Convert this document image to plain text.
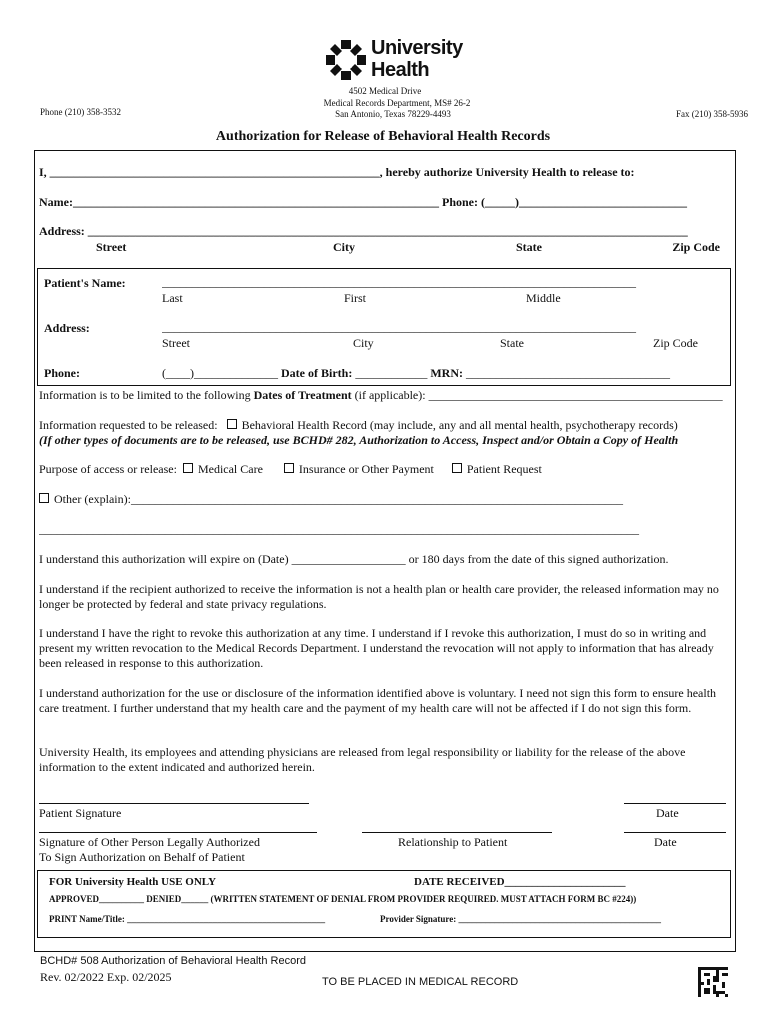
University
Health
4502 Medical Drive
Medical Records Department, MS# 26-2
San Antonio, Texas 78229-4493
Phone (210) 358-3532	Fax (210) 358-5936
Authorization for Release of Behavioral Health Records
I, _______________________________________________________, hereby authorize University Health to release to:
Name:_____________________________________________________________ Phone: (_____)____________________________
Address: ____________________________________________________________________________________________________
Street	City	State	Zip Code
Patient's Name:	_______________________________________________________________________________
Last	First	Middle
Address:	_______________________________________________________________________________
Street	City	State	Zip Code
Phone:	(____)______________ Date of Birth: ____________ MRN: __________________________________
Information is to be limited to the following Dates of Treatment (if applicable): _________________________________________________
Information requested to be released: Behavioral Health Record (may include, any and all mental health, psychotherapy records)
(If other types of documents are to be released, use BCHD# 282, Authorization to Access, Inspect and/or Obtain a Copy of Health
Purpose of access or release: Medical Care	Insurance or Other Payment	Patient Request
Other (explain):__________________________________________________________________________________
____________________________________________________________________________________________________
I understand this authorization will expire on (Date) ___________________ or 180 days from the date of this signed authorization.
I understand if the recipient authorized to receive the information is not a health plan or health care provider, the released information may no longer be protected by federal and state privacy regulations.
I understand I have the right to revoke this authorization at any time. I understand if I revoke this authorization, I must do so in writing and present my written revocation to the Medical Records Department. I understand the revocation will not apply to information that has already been released in response to this authorization.
I understand authorization for the use or disclosure of the information identified above is voluntary. I need not sign this form to ensure health care treatment. I further understand that my health care and the payment of my health care will not be affected if I do not sign this form.
University Health, its employees and attending physicians are released from legal responsibility or liability for the release of the above information to the extent indicated and authorized herein.
Patient Signature	Date
Signature of Other Person Legally Authorized
To Sign Authorization on Behalf of Patient
Relationship to Patient	Date
FOR University Health USE ONLY	DATE RECEIVED______________________
APPROVED__________ DENIED______ (WRITTEN STATEMENT OF DENIAL FROM PROVIDER REQUIRED. MUST ATTACH FORM BC #224))
PRINT Name/Title: ____________________________________________	Provider Signature: _____________________________________________
BCHD# 508 Authorization of Behavioral Health Record
Rev. 02/2022 Exp. 02/2025	TO BE PLACED IN MEDICAL RECORD
